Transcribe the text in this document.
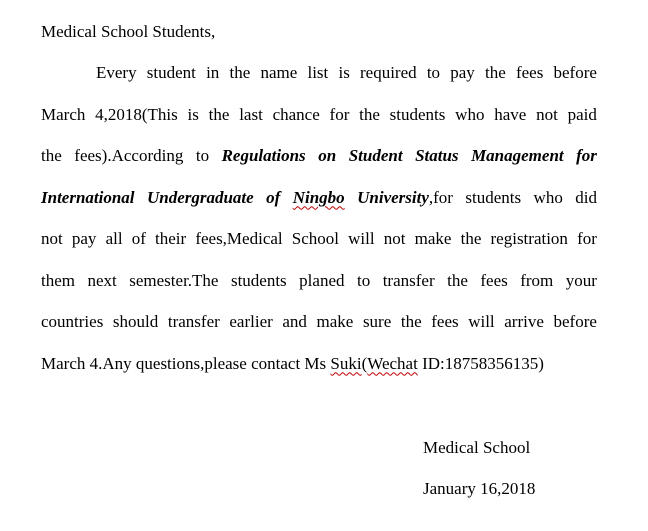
Medical School Students,
Every student in the name list is required to pay the fees before
March 4,2018(This is the last chance for the students who have not paid
the fees).According to Regulations on Student Status Management for
International Undergraduate of Ningbo University,for students who did
not pay all of their fees,Medical School will not make the registration for
them next semester.The students planed to transfer the fees from your
countries should transfer earlier and make sure the fees will arrive before
March 4.Any questions,please contact Ms Suki(Wechat ID:18758356135)
Medical School
January 16,2018
